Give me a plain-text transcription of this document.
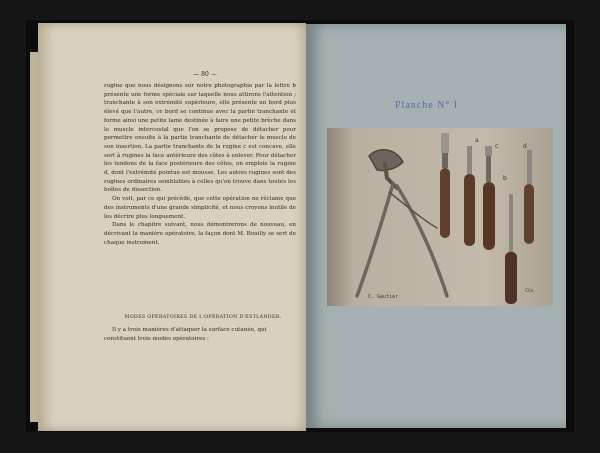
— 80 —

rugine que nous désignons sur notre photographie par la lettre b présente une forme spéciale sur laquelle nous attirons l'attention ; tranchante à son extrémité supérieure, elle présente un bord plus élevé que l'autre, ce bord se continue avec la partie tranchante et forme ainsi une petite lame destinée à faire une petite brèche dans le muscle intercostal que l'on se propose de détacher pour permettre ensuite à la partie tranchante de détacher le muscle de son insertion. La partie tranchante de la rugine c est concave, elle sert à rugines la face antérieure des côtes à enlever. Pour détacher les tendons de la face postérieure des côtes, on emploie la rugine d, dont l'extrémité pointue est mousse. Les autres rugines sont des rugines ordinaires semblables à celles qu'on trouve dans toutes les boîtes de dissection.

On voit, par ce qui précède, que cette opération ne réclame que des instruments d'une grande simplicité, et nous croyons inutile de les décrire plus longuement.

Dans le chapitre suivant, nous démontrerons de nouveau, en décrivant la manière opératoire, la façon dont M. Bouilly se sert de chaque instrument.

MODES OPÉRATOIRES DE L'OPÉRATION D'ESTLANDER.

Il y a trois manières d'attaquer la surface cutanée, qui constituent trois modes opératoires :

Planche N° I
a
c
b
d
C. Gautier
Clin.
